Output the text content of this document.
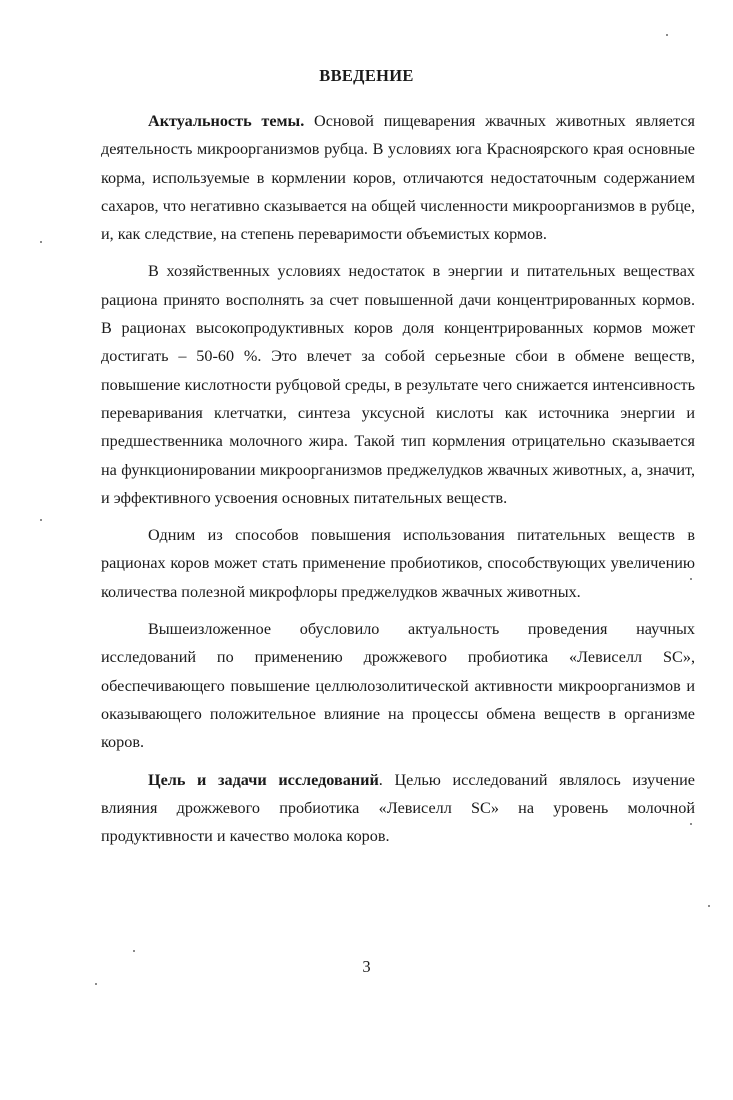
ВВЕДЕНИЕ

Актуальность темы. Основой пищеварения жвачных животных является деятельность микроорганизмов рубца. В условиях юга Красноярского края основные корма, используемые в кормлении коров, отличаются недостаточным содержанием сахаров, что негативно сказывается на общей численности микроорганизмов в рубце, и, как следствие, на степень переваримости объемистых кормов.

В хозяйственных условиях недостаток в энергии и питательных веществах рациона принято восполнять за счет повышенной дачи концентрированных кормов. В рационах высокопродуктивных коров доля концентрированных кормов может достигать – 50-60 %. Это влечет за собой серьезные сбои в обмене веществ, повышение кислотности рубцовой среды, в результате чего снижается интенсивность переваривания клетчатки, синтеза уксусной кислоты как источника энергии и предшественника молочного жира. Такой тип кормления отрицательно сказывается на функционировании микроорганизмов преджелудков жвачных животных, а, значит, и эффективного усвоения основных питательных веществ.

Одним из способов повышения использования питательных веществ в рационах коров может стать применение пробиотиков, способствующих увеличению количества полезной микрофлоры преджелудков жвачных животных.

Вышеизложенное обусловило актуальность проведения научных исследований по применению дрожжевого пробиотика «Левиселл SC», обеспечивающего повышение целлюлозолитической активности микроорганизмов и оказывающего положительное влияние на процессы обмена веществ в организме коров.

Цель и задачи исследований. Целью исследований являлось изучение влияния дрожжевого пробиотика «Левиселл SC» на уровень молочной продуктивности и качество молока коров.

3
